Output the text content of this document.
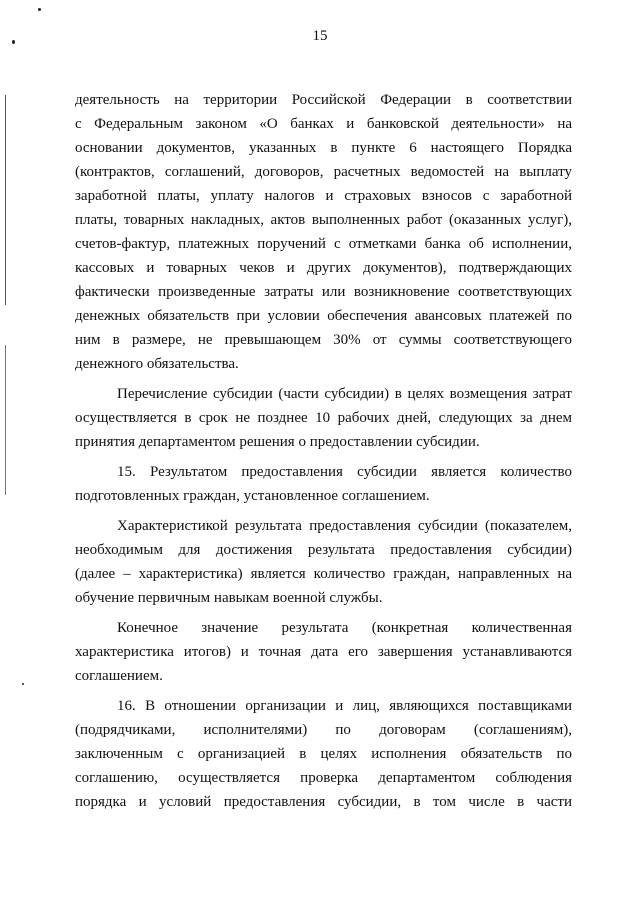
15

деятельность на территории Российской Федерации в соответствии
с Федеральным законом «О банках и банковской деятельности» на
основании документов, указанных в пункте 6 настоящего Порядка
(контрактов, соглашений, договоров, расчетных ведомостей на выплату
заработной платы, уплату налогов и страховых взносов с заработной
платы, товарных накладных, актов выполненных работ (оказанных услуг),
счетов-фактур, платежных поручений с отметками банка об исполнении,
кассовых и товарных чеков и других документов), подтверждающих
фактически произведенные затраты или возникновение соответствующих
денежных обязательств при условии обеспечения авансовых платежей по
ним в размере, не превышающем 30% от суммы соответствующего
денежного обязательства.

Перечисление субсидии (части субсидии) в целях возмещения затрат
осуществляется в срок не позднее 10 рабочих дней, следующих за днем
принятия департаментом решения о предоставлении субсидии.

15. Результатом предоставления субсидии является количество
подготовленных граждан, установленное соглашением.

Характеристикой результата предоставления субсидии (показателем,
необходимым для достижения результата предоставления субсидии)
(далее – характеристика) является количество граждан, направленных на
обучение первичным навыкам военной службы.

Конечное значение результата (конкретная количественная
характеристика итогов) и точная дата его завершения устанавливаются
соглашением.

16. В отношении организации и лиц, являющихся поставщиками
(подрядчиками, исполнителями) по договорам (соглашениям),
заключенным с организацией в целях исполнения обязательств по
соглашению, осуществляется проверка департаментом соблюдения
порядка и условий предоставления субсидии, в том числе в части
